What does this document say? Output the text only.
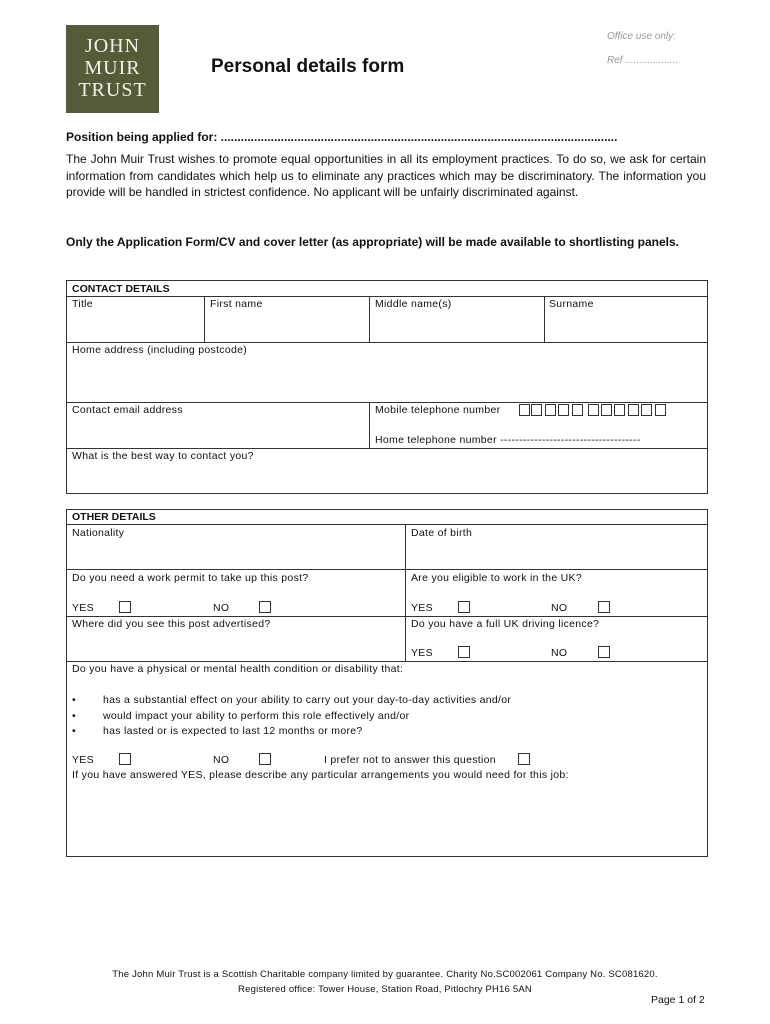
JOHN
MUIR
TRUST
Personal details form
Office use only:
Ref ...................
Position being applied for: .......................................................................................................................
The John Muir Trust wishes to promote equal opportunities in all its employment practices. To do so, we ask for certain information from candidates which help us to eliminate any practices which may be discriminatory. The information you provide will be handled in strictest confidence. No applicant will be unfairly discriminated against.
Only the Application Form/CV and cover letter (as appropriate) will be made available to shortlisting panels.
CONTACT DETAILS
Title	First name	Middle name(s)	Surname
Home address (including postcode)
Contact email address	Mobile telephone number
Home telephone number -------------------------------------
What is the best way to contact you?
OTHER DETAILS
Nationality	Date of birth
Do you need a work permit to take up this post?	Are you eligible to work in the UK?
YES	NO	YES	NO
Where did you see this post advertised?	Do you have a full UK driving licence?
YES	NO
Do you have a physical or mental health condition or disability that:
• has a substantial effect on your ability to carry out your day-to-day activities and/or
• would impact your ability to perform this role effectively and/or
• has lasted or is expected to last 12 months or more?
YES	NO	I prefer not to answer this question
If you have answered YES, please describe any particular arrangements you would need for this job:
The John Muir Trust is a Scottish Charitable company limited by guarantee. Charity No.SC002061 Company No. SC081620.
Registered office: Tower House, Station Road, Pitlochry PH16 5AN
Page 1 of 2
